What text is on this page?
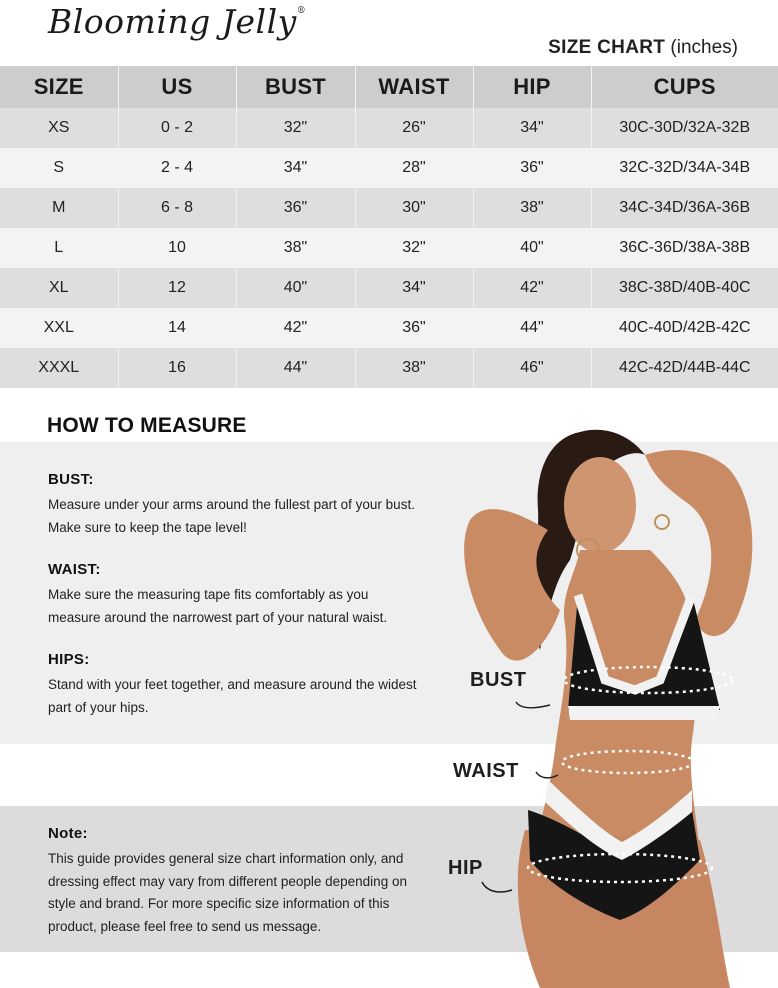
Blooming Jelly®
SIZE CHART (inches)
SIZE	US	BUST	WAIST	HIP	CUPS
XS	0 - 2	32"	26"	34"	30C-30D/32A-32B
S	2 - 4	34"	28"	36"	32C-32D/34A-34B
M	6 - 8	36"	30"	38"	34C-34D/36A-36B
L	10	38"	32"	40"	36C-36D/38A-38B
XL	12	40"	34"	42"	38C-38D/40B-40C
XXL	14	42"	36"	44"	40C-40D/42B-42C
XXXL	16	44"	38"	46"	42C-42D/44B-44C
HOW TO MEASURE
BUST:

Measure under your arms around the fullest part of your bust.

Make sure to keep the tape level!

WAIST:

Make sure the measuring tape fits comfortably as you

measure around the narrowest part of your natural waist.

HIPS:

Stand with your feet together, and measure around the widest

part of your hips.

Note:

This guide provides general size chart information only, and

dressing effect may vary from different people depending on

style and brand. For more specific size information of this

product, please feel free to send us message.

BUST
WAIST
HIP
